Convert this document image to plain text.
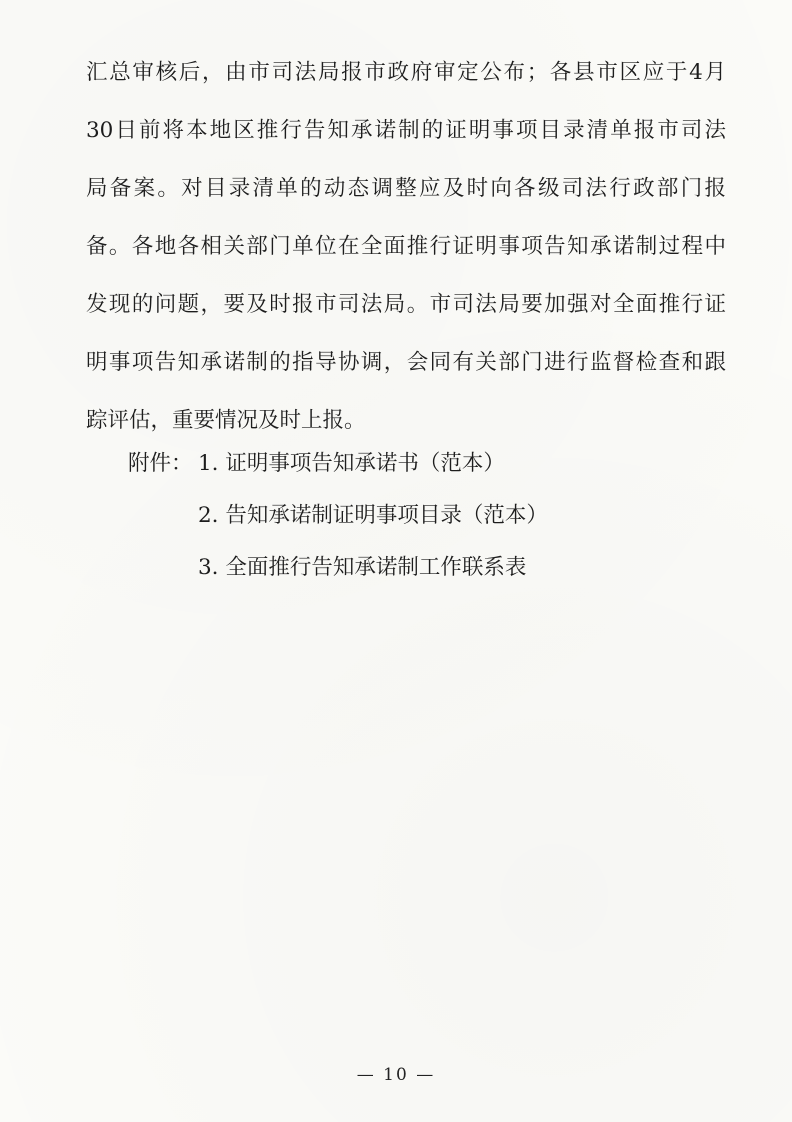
汇总审核后，由市司法局报市政府审定公布；各县市区应于4月
30日前将本地区推行告知承诺制的证明事项目录清单报市司法
局备案。对目录清单的动态调整应及时向各级司法行政部门报
备。各地各相关部门单位在全面推行证明事项告知承诺制过程中
发现的问题，要及时报市司法局。市司法局要加强对全面推行证
明事项告知承诺制的指导协调，会同有关部门进行监督检查和跟
踪评估，重要情况及时上报。
附件： 1. 证明事项告知承诺书（范本）
2. 告知承诺制证明事项目录（范本）
3. 全面推行告知承诺制工作联系表
— 10 —
